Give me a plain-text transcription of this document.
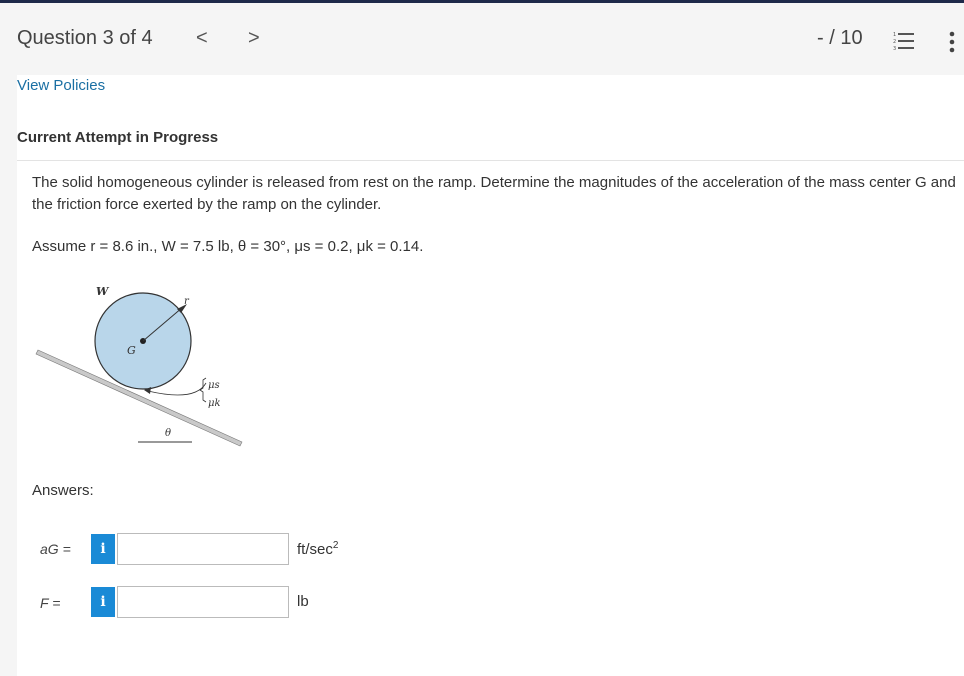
Question 3 of 4 < >	- / 10	1
2
3
View Policies
Current Attempt in Progress
The solid homogeneous cylinder is released from rest on the ramp. Determine the magnitudes of the acceleration of the mass center G and the friction force exerted by the ramp on the cylinder.
Assume r = 8.6 in., W = 7.5 lb, θ = 30°, μs = 0.2, μk = 0.14.
W
r
G
μs
μk
θ
Answers:
aG =	i	$ft/\sec^2$
F =	i	lb
